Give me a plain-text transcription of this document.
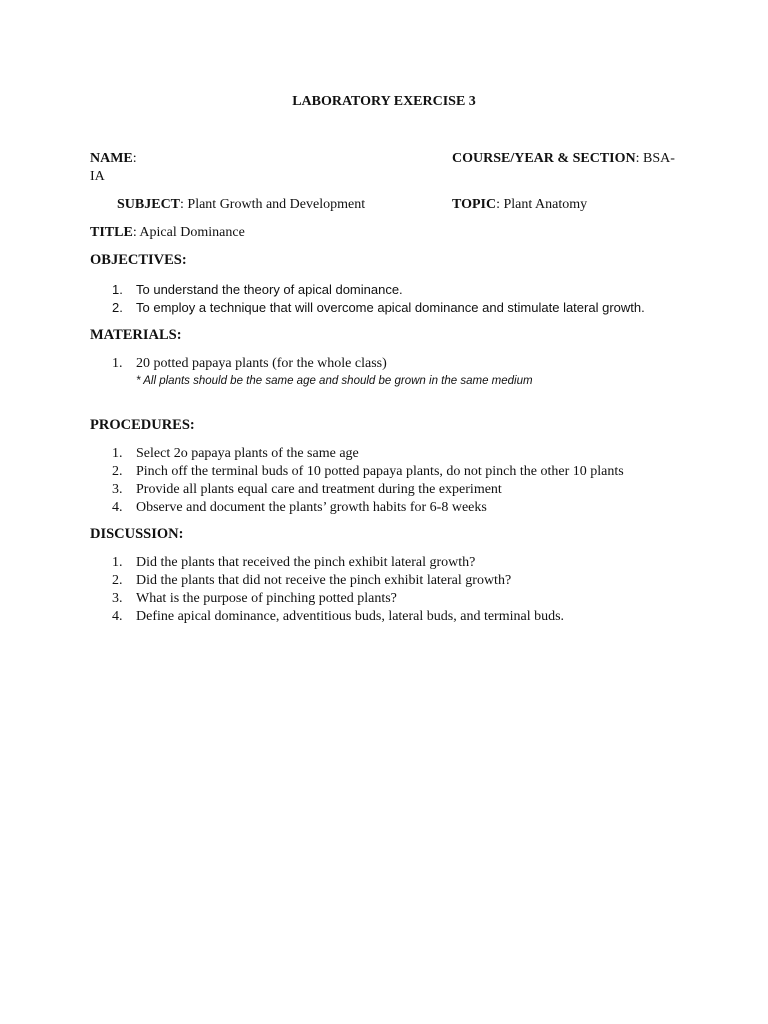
LABORATORY EXERCISE 3
NAME:	COURSE/YEAR & SECTION: BSA-
IA
SUBJECT: Plant Growth and Development	TOPIC: Plant Anatomy
TITLE: Apical Dominance
OBJECTIVES:
1. To understand the theory of apical dominance.
2. To employ a technique that will overcome apical dominance and stimulate lateral growth.
MATERIALS:
1. 20 potted papaya plants (for the whole class)
* All plants should be the same age and should be grown in the same medium
PROCEDURES:
1. Select 2o papaya plants of the same age
2. Pinch off the terminal buds of 10 potted papaya plants, do not pinch the other 10 plants
3. Provide all plants equal care and treatment during the experiment
4. Observe and document the plants’ growth habits for 6-8 weeks
DISCUSSION:
1. Did the plants that received the pinch exhibit lateral growth?
2. Did the plants that did not receive the pinch exhibit lateral growth?
3. What is the purpose of pinching potted plants?
4. Define apical dominance, adventitious buds, lateral buds, and terminal buds.
